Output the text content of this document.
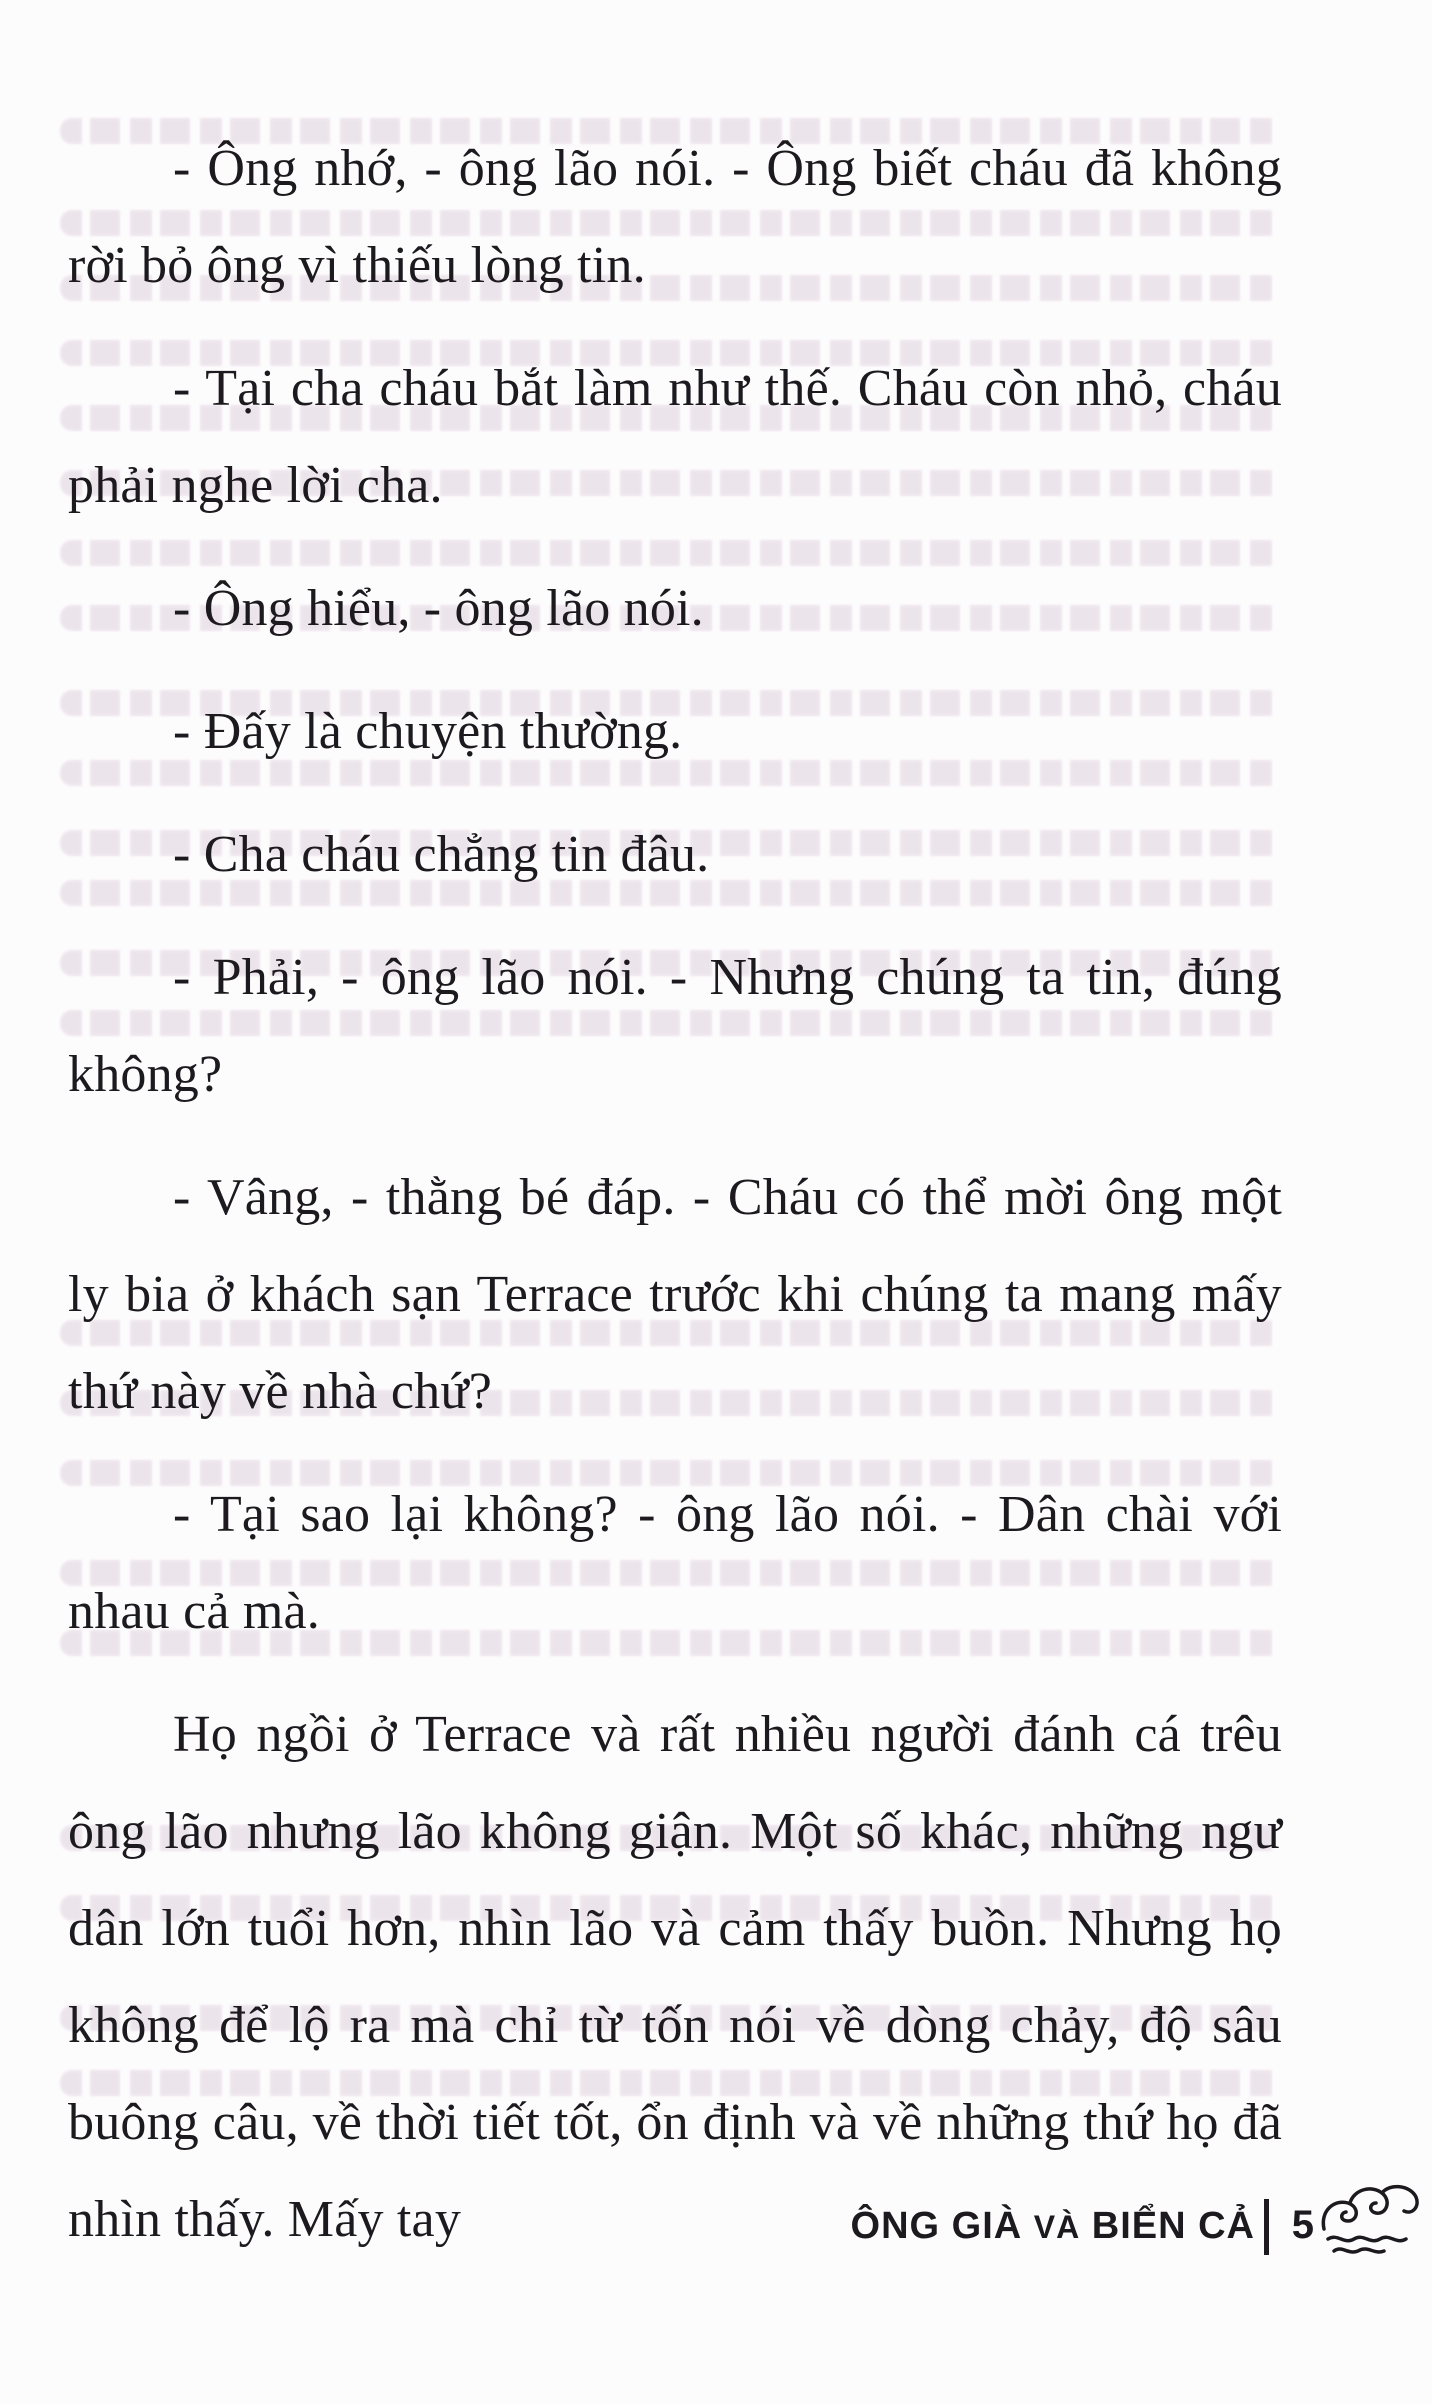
- Ông nhớ, - ông lão nói. - Ông biết cháu đã không rời bỏ ông vì thiếu lòng tin.

- Tại cha cháu bắt làm như thế. Cháu còn nhỏ, cháu phải nghe lời cha.

- Ông hiểu, - ông lão nói.

- Đấy là chuyện thường.

- Cha cháu chẳng tin đâu.

- Phải, - ông lão nói. - Nhưng chúng ta tin, đúng không?

- Vâng, - thằng bé đáp. - Cháu có thể mời ông một ly bia ở khách sạn Terrace trước khi chúng ta mang mấy thứ này về nhà chứ?

- Tại sao lại không? - ông lão nói. - Dân chài với nhau cả mà.

Họ ngồi ở Terrace và rất nhiều người đánh cá trêu ông lão nhưng lão không giận. Một số khác, những ngư dân lớn tuổi hơn, nhìn lão và cảm thấy buồn. Nhưng họ không để lộ ra mà chỉ từ tốn nói về dòng chảy, độ sâu buông câu, về thời tiết tốt, ổn định và về những thứ họ đã nhìn thấy. Mấy tay	ÔNG GIÀ VÀ BIỂN CẢ 5
